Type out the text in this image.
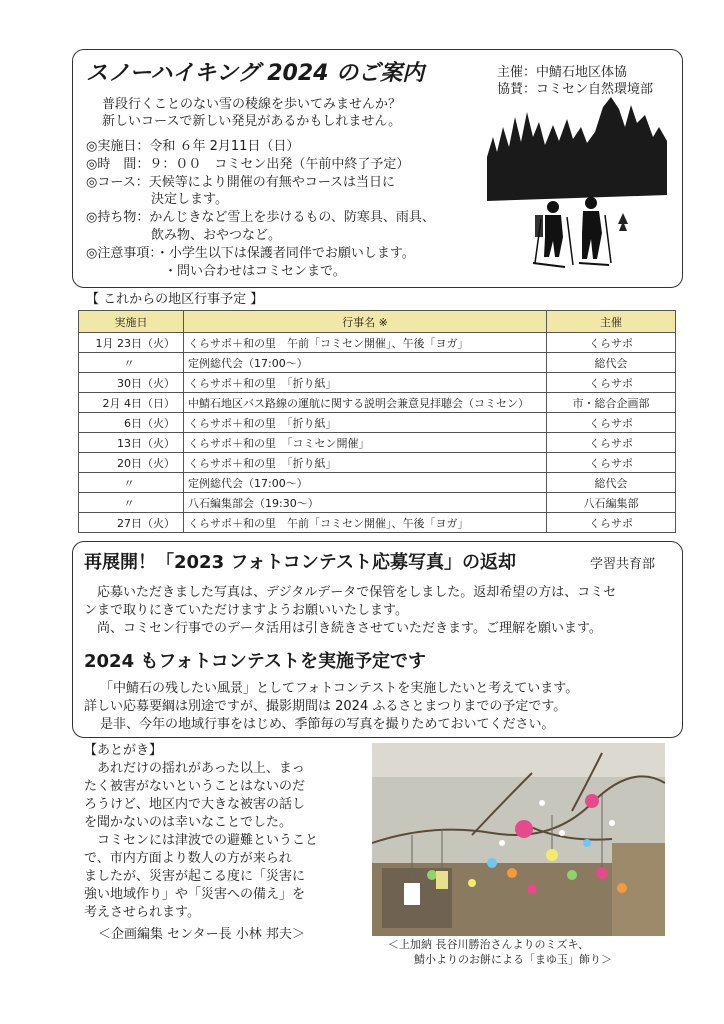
スノーハイキング 2024 のご案内	主催：中鯖石地区体協
協賛：コミセン自然環境部
普段行くことのない雪の稜線を歩いてみませんか？
新しいコースで新しい発見があるかもしれません。
◎実施日：令和 ６年 2月11日（日）
◎時　間：９：００　コミセン出発（午前中終了予定）
◎コース：天候等により開催の有無やコースは当日に
　　　　　決定します。
◎持ち物：かんじきなど雪上を歩けるもの、防寒具、雨具、
　　　　　飲み物、おやつなど。
◎注意事項：・小学生以下は保護者同伴でお願いします。
　　　　　　・問い合わせはコミセンまで。
【 これからの地区行事予定 】
実施日	行事名 ※	主催
1月 23日（火）	くらサポ＋和の里　午前「コミセン開催」、午後「ヨガ」	くらサポ
〃	定例総代会（17:00～）	総代会
30日（火）	くらサポ＋和の里　「折り紙」	くらサポ
2月 4日（日）	中鯖石地区バス路線の運航に関する説明会兼意見拝聴会（コミセン）	市・総合企画部
6日（火）	くらサポ＋和の里　「折り紙」	くらサポ
13日（火）	くらサポ＋和の里　「コミセン開催」	くらサポ
20日（火）	くらサポ＋和の里　「折り紙」	くらサポ
〃	定例総代会（17:00～）	総代会
〃	八石編集部会（19:30～）	八石編集部
27日（火）	くらサポ＋和の里　午前「コミセン開催」、午後「ヨガ」	くらサポ
再展開！「2023 フォトコンテスト応募写真」の返却	学習共育部
　応募いただきました写真は、デジタルデータで保管をしました。返却希望の方は、コミセ
ンまで取りにきていただけますようお願いいたします。
　尚、コミセン行事でのデータ活用は引き続きさせていただきます。ご理解を願います。
2024 もフォトコンテストを実施予定です
「中鯖石の残したい風景」としてフォトコンテストを実施したいと考えています。
詳しい応募要綱は別途ですが、撮影期間は 2024 ふるさとまつりまでの予定です。
是非、今年の地域行事をはじめ、季節毎の写真を撮りためておいてください。
【あとがき】
　あれだけの揺れがあった以上、まっ
たく被害がないということはないのだ
ろうけど、地区内で大きな被害の話し
を聞かないのは幸いなことでした。
　コミセンには津波での避難ということ
で、市内方面より数人の方が来られ
ましたが、災害が起こる度に「災害に
強い地域作り」や「災害への備え」を
考えさせられます。
＜企画編集 センター長 小林 邦夫＞
＜上加納 長谷川勝治さんよりのミズキ、
鯖小よりのお餅による「まゆ玉」飾り＞
